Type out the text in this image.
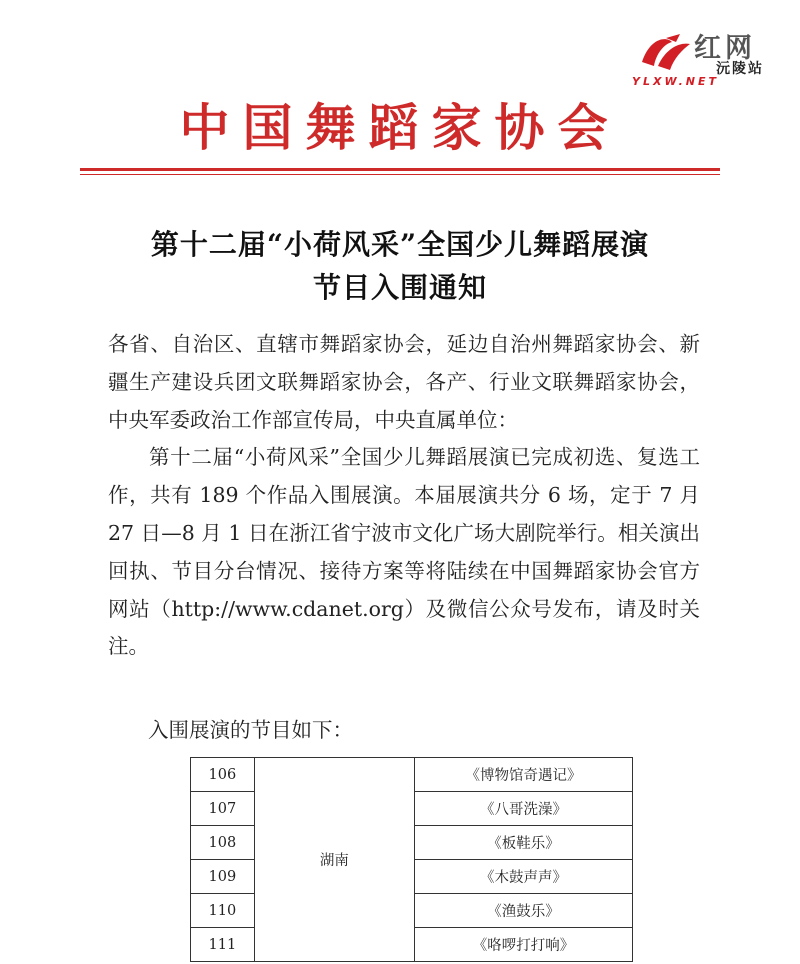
红网
沅陵站
YLXW.NET
中国舞蹈家协会
第十二届“小荷风采”全国少儿舞蹈展演
节目入围通知

各省、自治区、直辖市舞蹈家协会，延边自治州舞蹈家协会、新疆生产建设兵团文联舞蹈家协会，各产、行业文联舞蹈家协会，中央军委政治工作部宣传局，中央直属单位：

第十二届“小荷风采”全国少儿舞蹈展演已完成初选、复选工作，共有 189 个作品入围展演。本届展演共分 6 场，定于 7 月 27 日—8 月 1 日在浙江省宁波市文化广场大剧院举行。相关演出回执、节目分台情况、接待方案等将陆续在中国舞蹈家协会官方网站（http://www.cdanet.org）及微信公众号发布，请及时关注。

入围展演的节目如下：
106	湖南	《博物馆奇遇记》
107		《八哥洗澡》
108		《板鞋乐》
109		《木鼓声声》
110		《渔鼓乐》
111		《咯啰打打响》
